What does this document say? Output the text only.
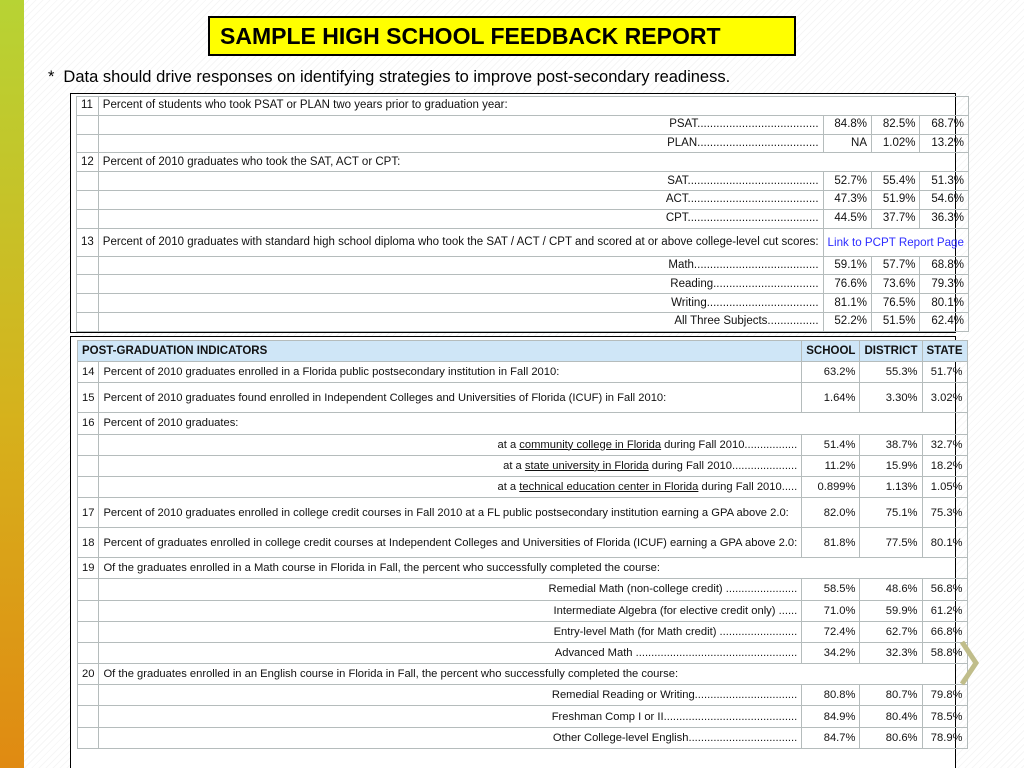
SAMPLE HIGH SCHOOL FEEDBACK REPORT
* Data should drive responses on identifying strategies to improve post-secondary readiness.
11	Percent of students who took PSAT or PLAN two years prior to graduation year:			
	PSAT......................................	84.8%	82.5%	68.7%
	PLAN......................................	NA	1.02%	13.2%
12	Percent of 2010 graduates who took the SAT, ACT or CPT:			
	SAT.........................................	52.7%	55.4%	51.3%
	ACT.........................................	47.3%	51.9%	54.6%
	CPT.........................................	44.5%	37.7%	36.3%
13	Percent of 2010 graduates with standard high school diploma who took the SAT / ACT / CPT and scored at or above college-level cut scores:	Link to PCPT Report Page		
	Math.......................................	59.1%	57.7%	68.8%
	Reading.................................	76.6%	73.6%	79.3%
	Writing...................................	81.1%	76.5%	80.1%
	All Three Subjects................	52.2%	51.5%	62.4%
POST-GRADUATION INDICATORS		SCHOOL	DISTRICT	STATE
14	Percent of 2010 graduates enrolled in a Florida public postsecondary institution in Fall 2010:	63.2%	55.3%	51.7%
15	Percent of 2010 graduates found enrolled in Independent Colleges and Universities of Florida (ICUF) in Fall 2010:	1.64%	3.30%	3.02%
16	Percent of 2010 graduates:			
	at a community college in Florida during Fall 2010.................	51.4%	38.7%	32.7%
	at a state university in Florida during Fall 2010.....................	11.2%	15.9%	18.2%
	at a technical education center in Florida during Fall 2010.....	0.899%	1.13%	1.05%
17	Percent of 2010 graduates enrolled in college credit courses in Fall 2010 at a FL public postsecondary institution earning a GPA above 2.0:	82.0%	75.1%	75.3%
18	Percent of graduates enrolled in college credit courses at Independent Colleges and Universities of Florida (ICUF) earning a GPA above 2.0:	81.8%	77.5%	80.1%
19	Of the graduates enrolled in a Math course in Florida in Fall, the percent who successfully completed the course:			
	Remedial Math (non-college credit) .......................	58.5%	48.6%	56.8%
	Intermediate Algebra (for elective credit only) ......	71.0%	59.9%	61.2%
	Entry-level Math (for Math credit) .........................	72.4%	62.7%	66.8%
	Advanced Math ....................................................	34.2%	32.3%	58.8%
20	Of the graduates enrolled in an English course in Florida in Fall, the percent who successfully completed the course:			
	Remedial Reading or Writing.................................	80.8%	80.7%	79.8%
	Freshman Comp I or II...........................................	84.9%	80.4%	78.5%
	Other College-level English...................................	84.7%	80.6%	78.9%
